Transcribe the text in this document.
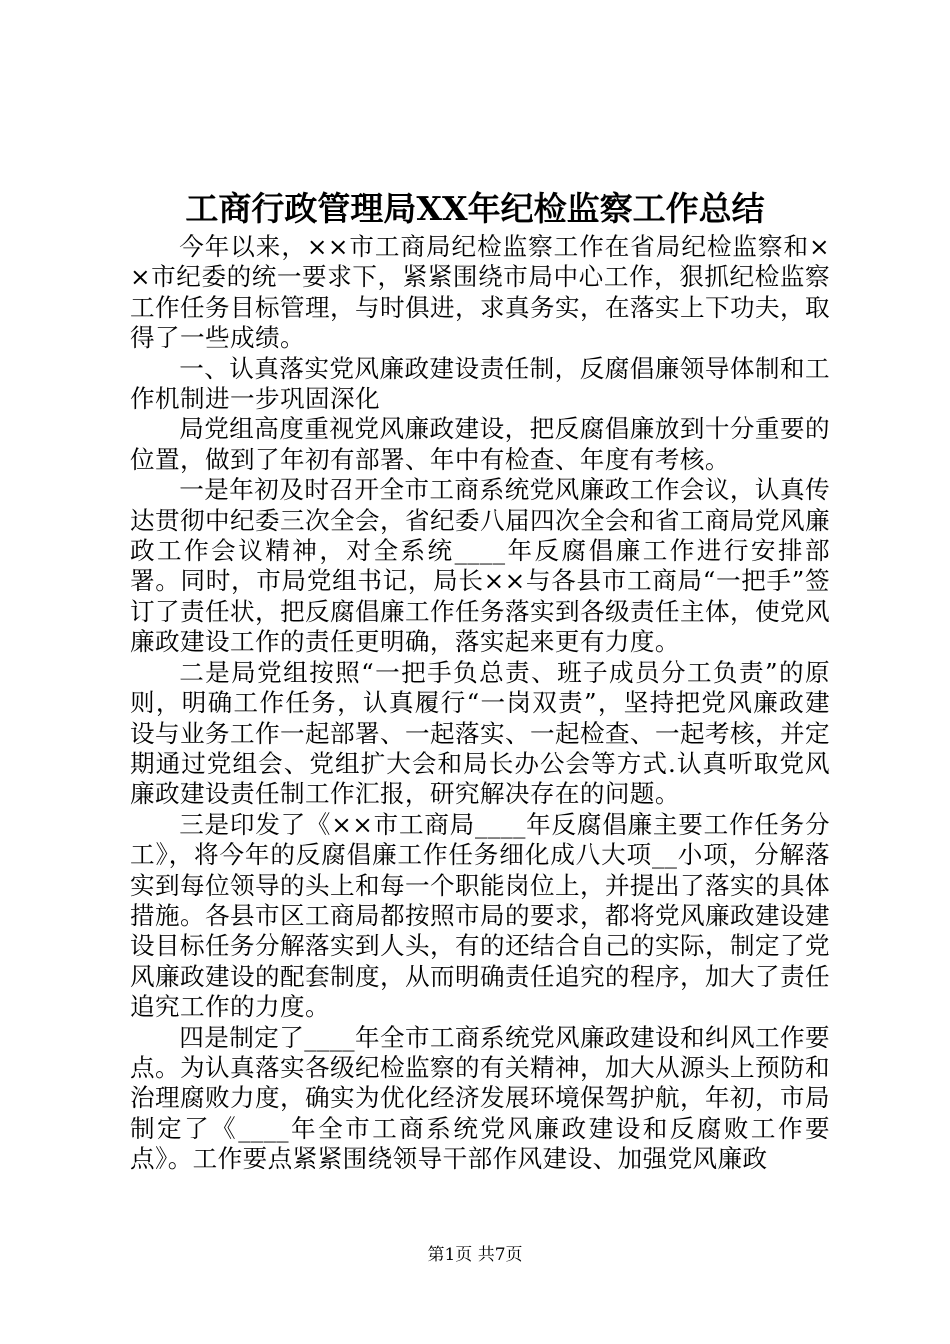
工商行政管理局XX年纪检监察工作总结

今年以来，××市工商局纪检监察工作在省局纪检监察和××市纪委的统一要求下，紧紧围绕市局中心工作，狠抓纪检监察工作任务目标管理，与时俱进，求真务实，在落实上下功夫，取得了一些成绩。

一、认真落实党风廉政建设责任制，反腐倡廉领导体制和工作机制进一步巩固深化

局党组高度重视党风廉政建设，把反腐倡廉放到十分重要的位置，做到了年初有部署、年中有检查、年度有考核。

一是年初及时召开全市工商系统党风廉政工作会议，认真传达贯彻中纪委三次全会，省纪委八届四次全会和省工商局党风廉政工作会议精神，对全系统____年反腐倡廉工作进行安排部署。同时，市局党组书记，局长××与各县市工商局“一把手”签订了责任状，把反腐倡廉工作任务落实到各级责任主体，使党风廉政建设工作的责任更明确，落实起来更有力度。

二是局党组按照“一把手负总责、班子成员分工负责”的原则，明确工作任务，认真履行“一岗双责”，坚持把党风廉政建设与业务工作一起部署、一起落实、一起检查、一起考核，并定期通过党组会、党组扩大会和局长办公会等方式.认真听取党风廉政建设责任制工作汇报，研究解决存在的问题。

三是印发了《××市工商局____年反腐倡廉主要工作任务分工》，将今年的反腐倡廉工作任务细化成八大项__小项，分解落实到每位领导的头上和每一个职能岗位上，并提出了落实的具体措施。各县市区工商局都按照市局的要求，都将党风廉政建设建设目标任务分解落实到人头，有的还结合自己的实际，制定了党风廉政建设的配套制度，从而明确责任追究的程序，加大了责任追究工作的力度。

四是制定了____年全市工商系统党风廉政建设和纠风工作要点。为认真落实各级纪检监察的有关精神，加大从源头上预防和治理腐败力度，确实为优化经济发展环境保驾护航，年初，市局制定了《____年全市工商系统党风廉政建设和反腐败工作要点》。工作要点紧紧围绕领导干部作风建设、加强党风廉政

第1页 共7页
